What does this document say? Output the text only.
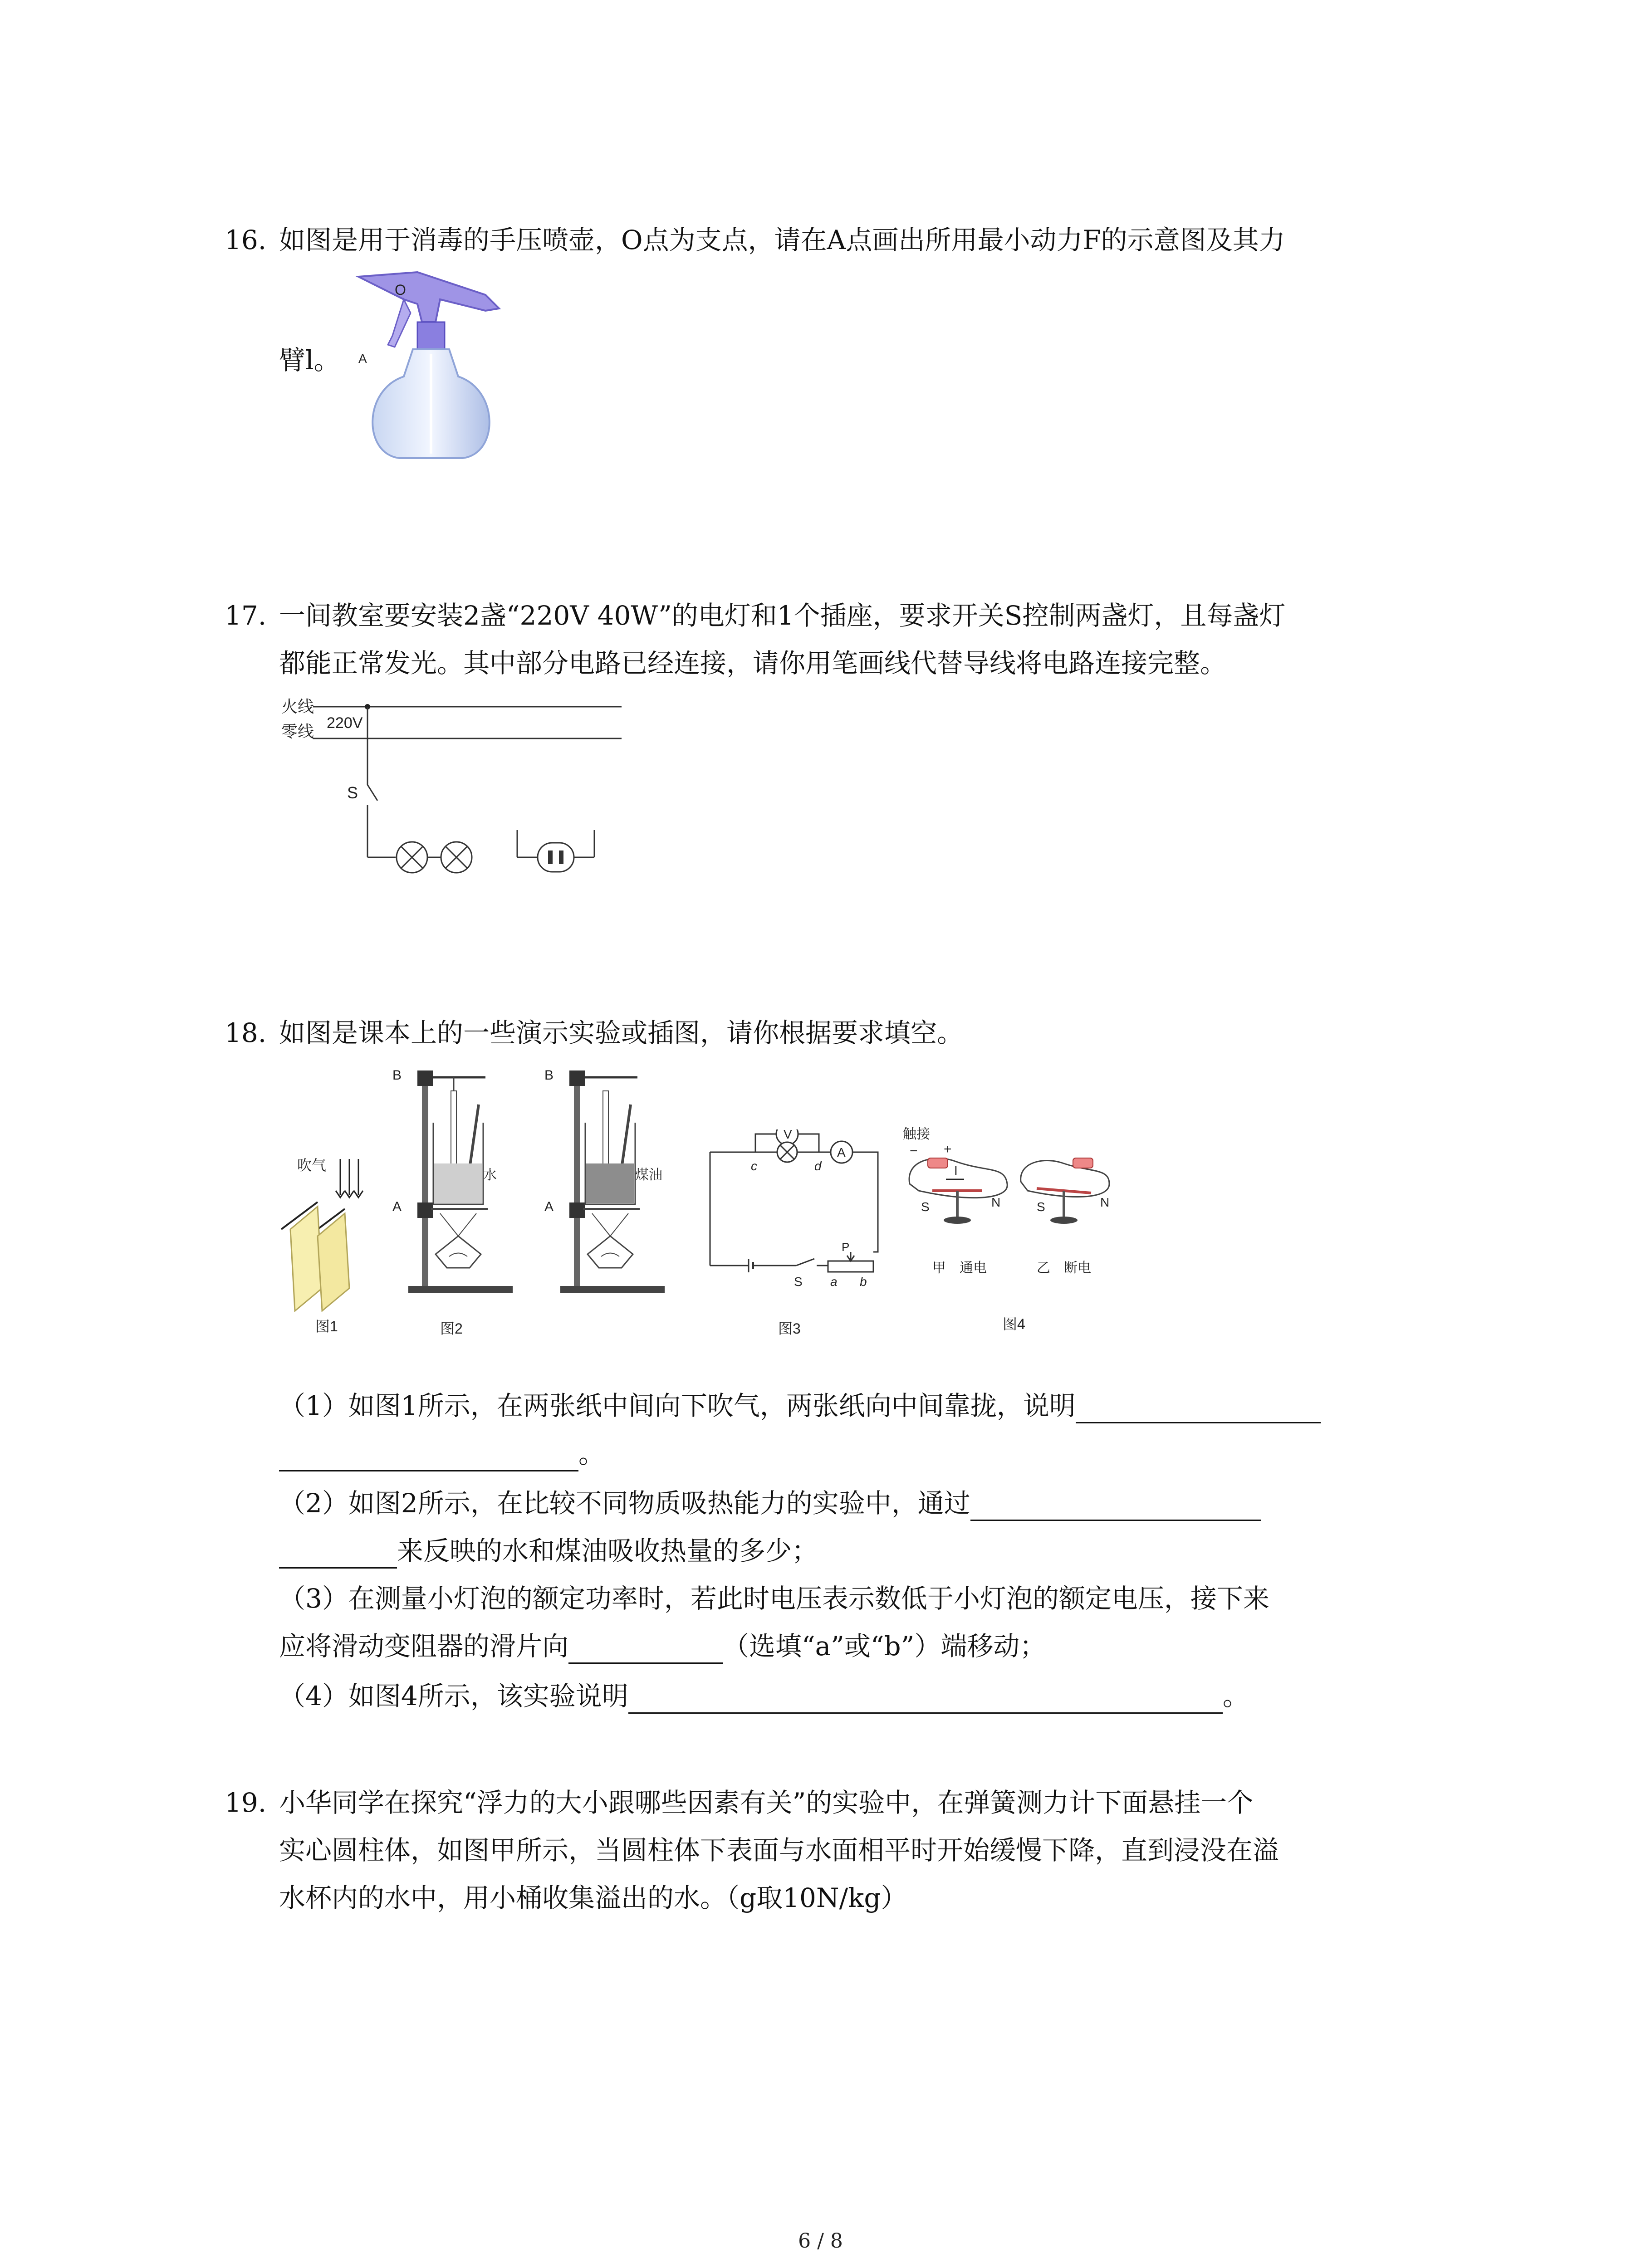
16. 如图是用于消毒的手压喷壶，O点为支点，请在A点画出所用最小动力F的示意图及其力
臂l。
O
A
17. 一间教室要安装2盏“220V 40W”的电灯和1个插座，要求开关S控制两盏灯，且每盏灯
都能正常发光。其中部分电路已经连接，请你用笔画线代替导线将电路连接完整。
火线
零线 220V
S
18. 如图是课本上的一些演示实验或插图，请你根据要求填空。
吹气
图1
B
A
水
图2
B
A
煤油
V
A
c	d
S
P
a b
图3
触接
− +
I
S	N	S	N
甲　通电	乙　断电
图4
（1）如图1所示，在两张纸中间向下吹气，两张纸向中间靠拢，说明
。
（2）如图2所示，在比较不同物质吸热能力的实验中，通过
来反映的水和煤油吸收热量的多少；
（3）在测量小灯泡的额定功率时，若此时电压表示数低于小灯泡的额定电压，接下来
应将滑动变阻器的滑片向	（选填“a”或“b”）端移动；
（4）如图4所示，该实验说明	。
19. 小华同学在探究“浮力的大小跟哪些因素有关”的实验中，在弹簧测力计下面悬挂一个
实心圆柱体，如图甲所示，当圆柱体下表面与水面相平时开始缓慢下降，直到浸没在溢
水杯内的水中，用小桶收集溢出的水。（g取10N/kg）
6 / 8
